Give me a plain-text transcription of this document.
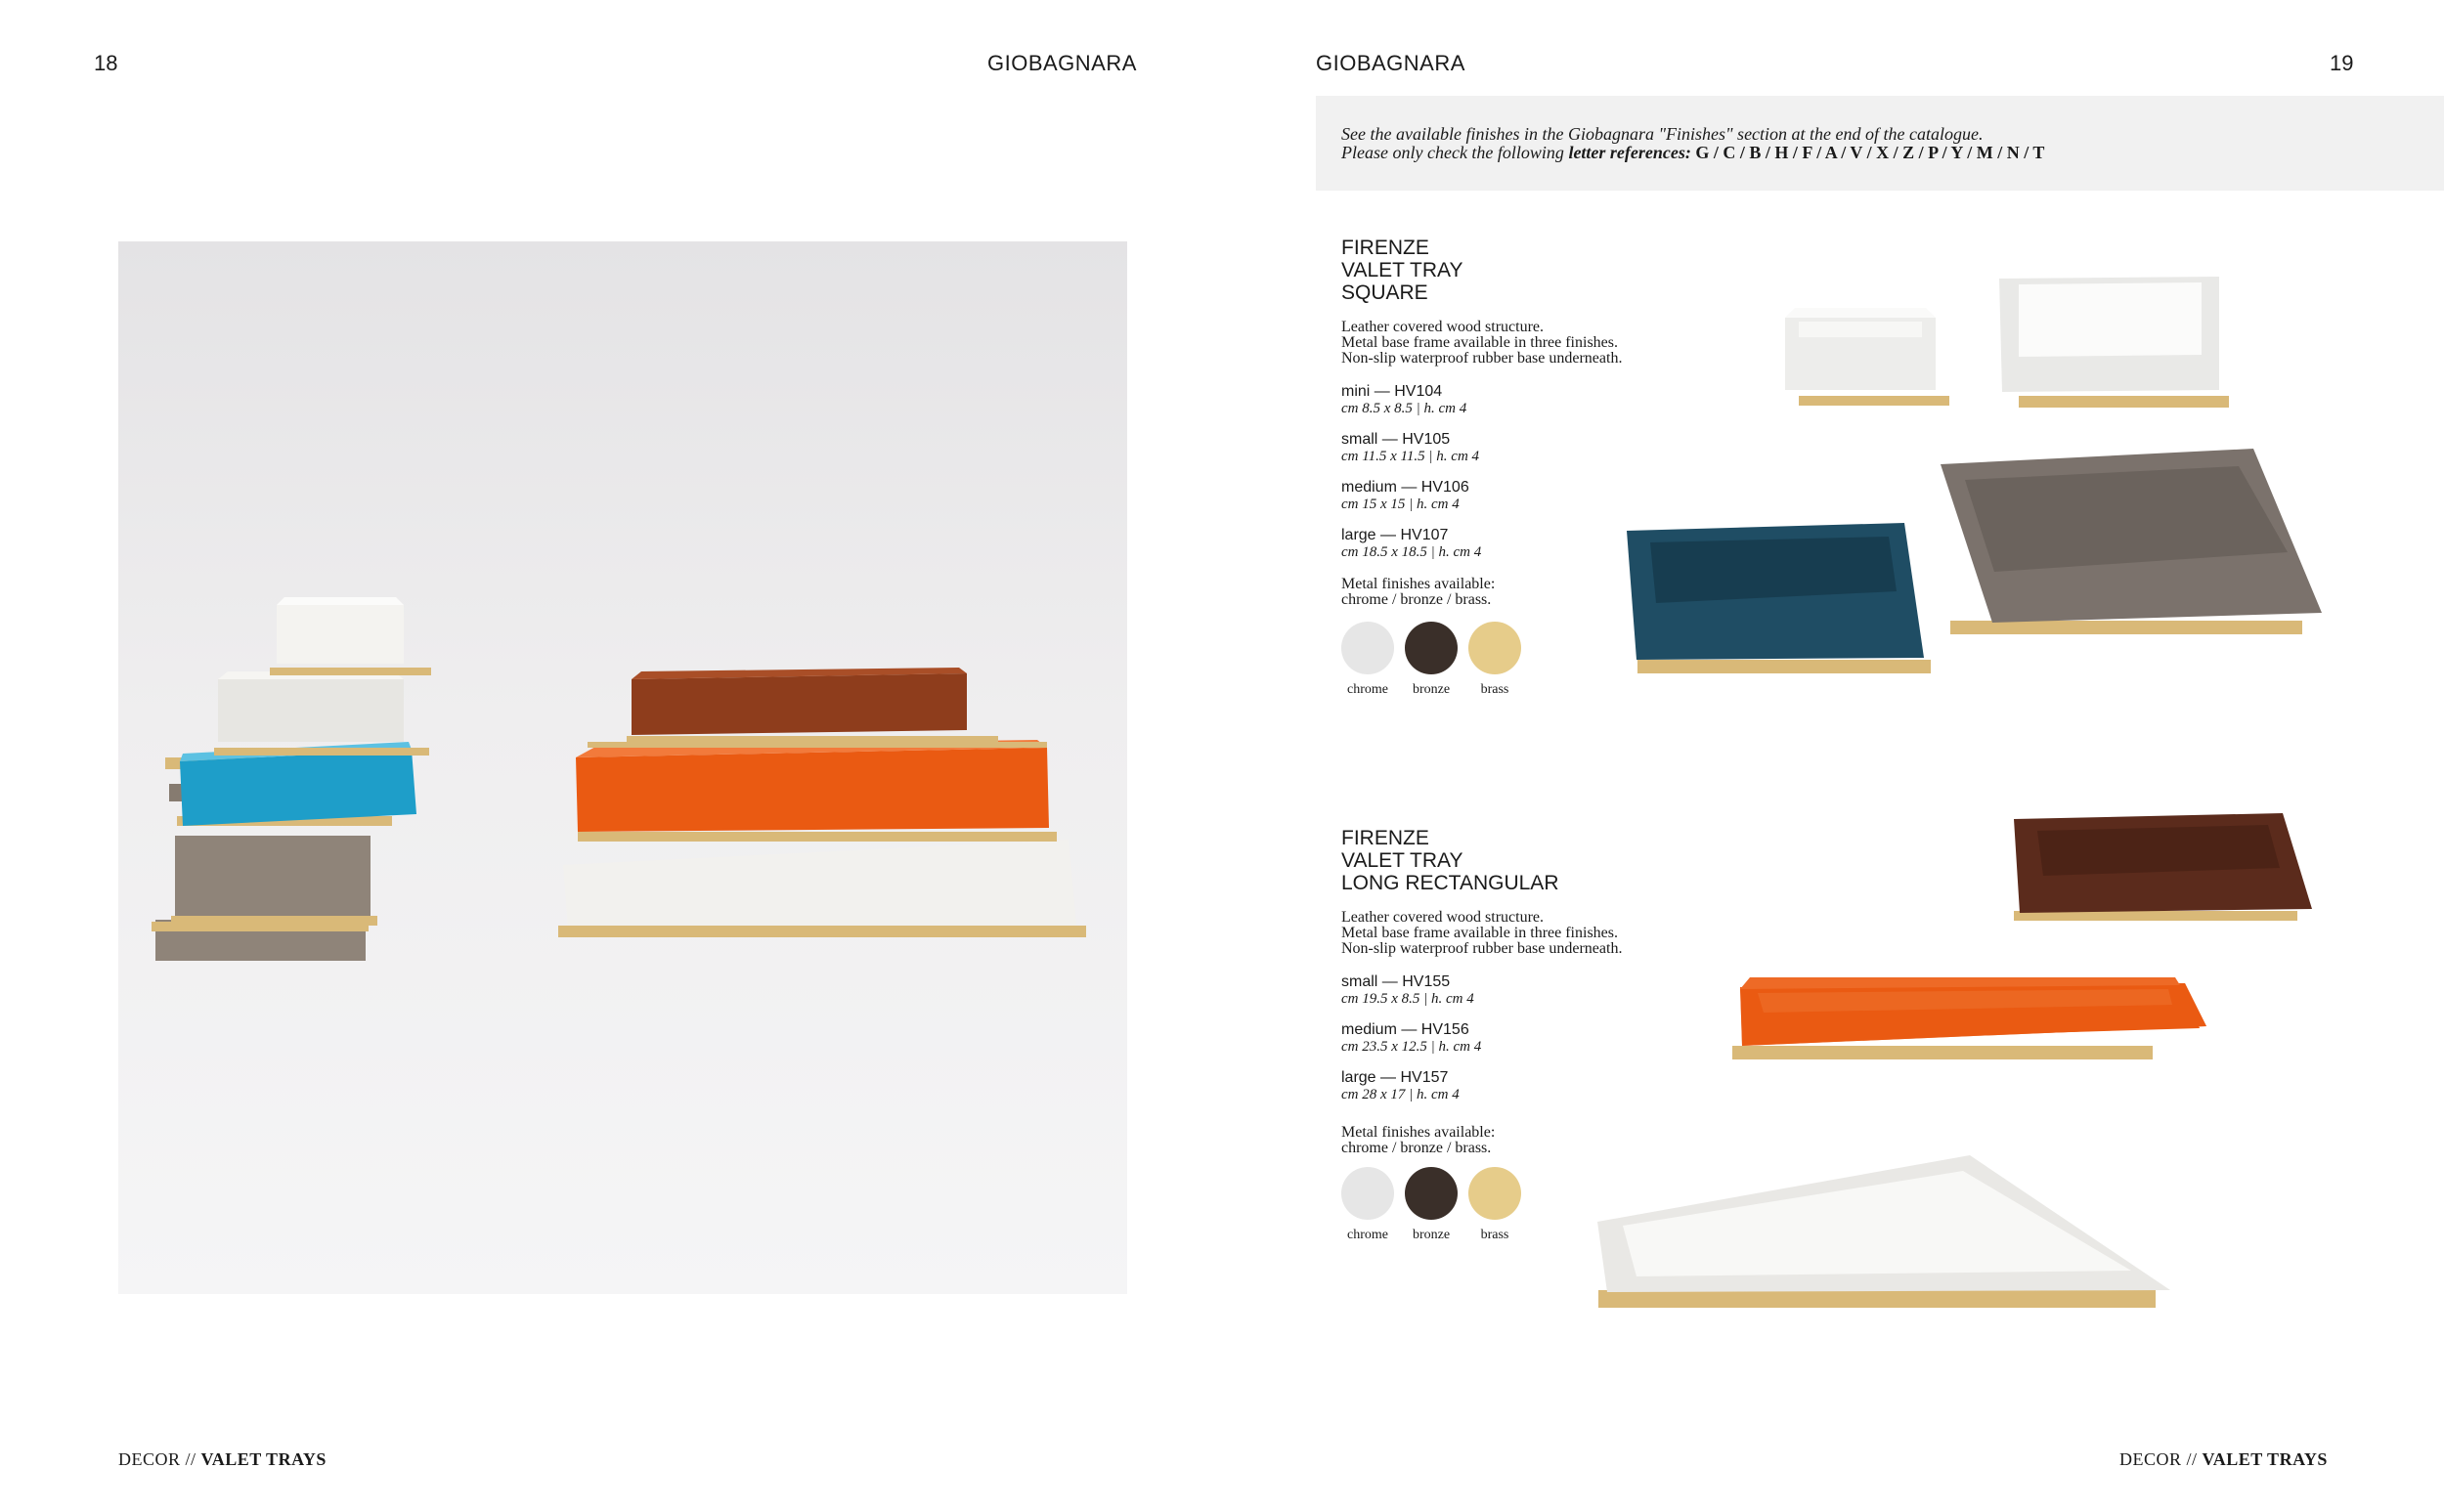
18	GIOBAGNARA	GIOBAGNARA	19
DECOR // VALET TRAYS

See the available finishes in the Giobagnara "Finishes" section at the end of the catalogue.

Please only check the following letter references: G / C / B / H / F / A / V / X / Z / P / Y / M / N / T

FIRENZE
VALET TRAY
SQUARE
Leather covered wood structure.
Metal base frame available in three finishes.
Non-slip waterproof rubber base underneath.
mini — HV104
cm 8.5 x 8.5 | h. cm 4
small — HV105
cm 11.5 x 11.5 | h. cm 4
medium — HV106
cm 15 x 15 | h. cm 4
large — HV107
cm 18.5 x 18.5 | h. cm 4
Metal finishes available:
chrome / bronze / brass.
chrome	bronze	brass
FIRENZE
VALET TRAY
LONG RECTANGULAR
Leather covered wood structure.
Metal base frame available in three finishes.
Non-slip waterproof rubber base underneath.
small — HV155
cm 19.5 x 8.5 | h. cm 4
medium — HV156
cm 23.5 x 12.5 | h. cm 4
large — HV157
cm 28 x 17 | h. cm 4
Metal finishes available:
chrome / bronze / brass.
chrome	bronze	brass
DECOR // VALET TRAYS
